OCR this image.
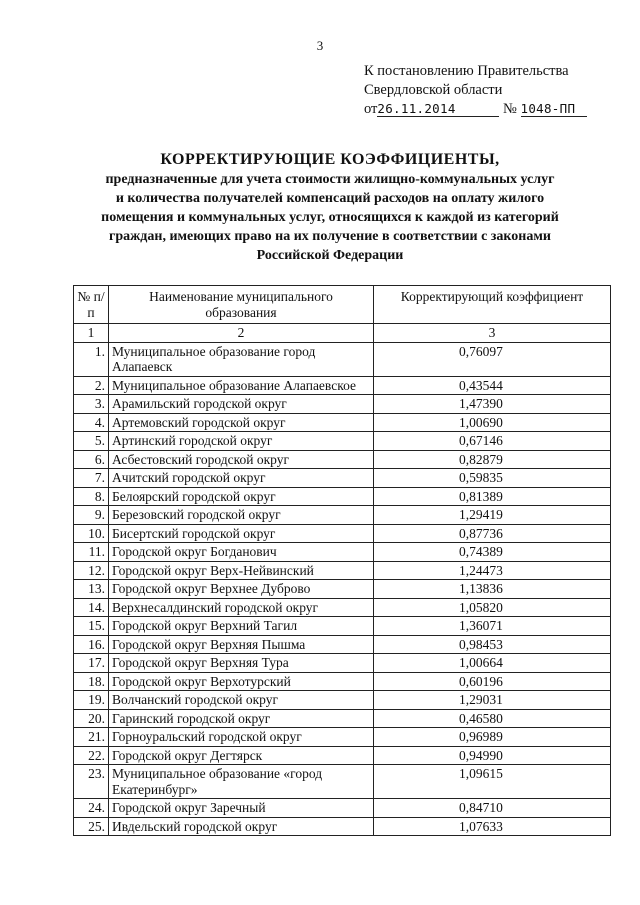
3
К постановлению Правительства
Свердловской области
от26.11.2014	№ 1048-ПП
КОРРЕКТИРУЮЩИЕ КОЭФФИЦИЕНТЫ,
предназначенные для учета стоимости жилищно-коммунальных услуг
и количества получателей компенсаций расходов на оплату жилого
помещения и коммунальных услуг, относящихся к каждой из категорий
граждан, имеющих право на их получение в соответствии с законами
Российской Федерации
№ п/п	Наименование муниципального образования	Корректирующий коэффициент
1	2	3
1.	Муниципальное образование город Алапаевск	0,76097
2.	Муниципальное образование Алапаевское	0,43544
3.	Арамильский городской округ	1,47390
4.	Артемовский городской округ	1,00690
5.	Артинский городской округ	0,67146
6.	Асбестовский городской округ	0,82879
7.	Ачитский городской округ	0,59835
8.	Белоярский городской округ	0,81389
9.	Березовский городской округ	1,29419
10.	Бисертский городской округ	0,87736
11.	Городской округ Богданович	0,74389
12.	Городской округ Верх-Нейвинский	1,24473
13.	Городской округ Верхнее Дуброво	1,13836
14.	Верхнесалдинский городской округ	1,05820
15.	Городской округ Верхний Тагил	1,36071
16.	Городской округ Верхняя Пышма	0,98453
17.	Городской округ Верхняя Тура	1,00664
18.	Городской округ Верхотурский	0,60196
19.	Волчанский городской округ	1,29031
20.	Гаринский городской округ	0,46580
21.	Горноуральский городской округ	0,96989
22.	Городской округ Дегтярск	0,94990
23.	Муниципальное образование «город Екатеринбург»	1,09615
24.	Городской округ Заречный	0,84710
25.	Ивдельский городской округ	1,07633
